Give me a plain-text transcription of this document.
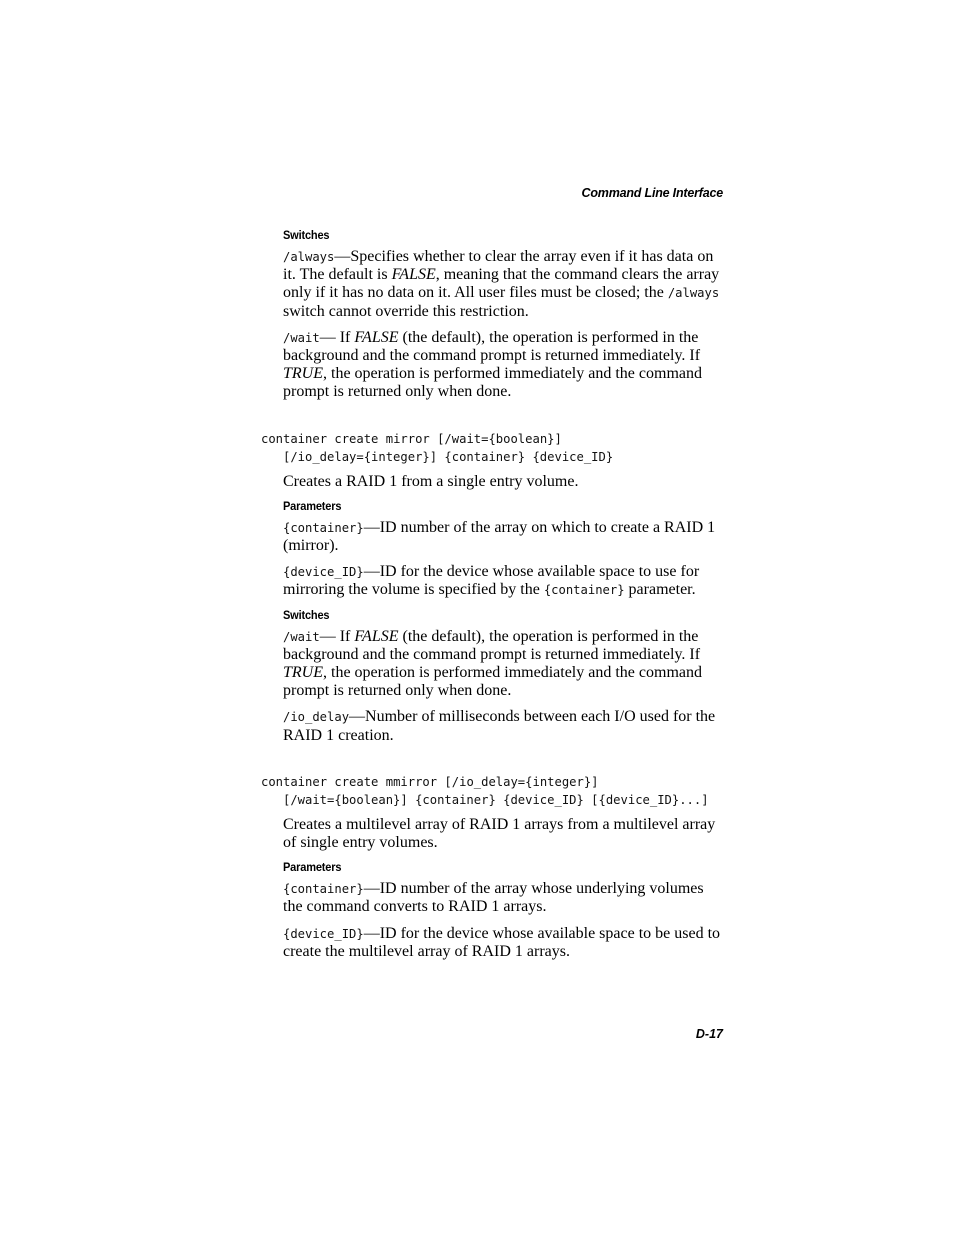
Command Line Interface
Switches

/always—Specifies whether to clear the array even if it has data on it. The default is FALSE, meaning that the command clears the array only if it has no data on it. All user files must be closed; the /always switch cannot override this restriction.

/wait— If FALSE (the default), the operation is performed in the background and the command prompt is returned immediately. If TRUE, the operation is performed immediately and the command prompt is returned only when done.

container create mirror [/wait={boolean}]
[/io_delay={integer}] {container} {device_ID}

Creates a RAID 1 from a single entry volume.

Parameters

{container}—ID number of the array on which to create a RAID 1 (mirror).

{device_ID}—ID for the device whose available space to use for mirroring the volume is specified by the {container} parameter.

Switches

/wait— If FALSE (the default), the operation is performed in the background and the command prompt is returned immediately. If TRUE, the operation is performed immediately and the command prompt is returned only when done.

/io_delay—Number of milliseconds between each I/O used for the RAID 1 creation.

container create mmirror [/io_delay={integer}]
[/wait={boolean}] {container} {device_ID} [{device_ID}...]

Creates a multilevel array of RAID 1 arrays from a multilevel array of single entry volumes.

Parameters

{container}—ID number of the array whose underlying volumes the command converts to RAID 1 arrays.

{device_ID}—ID for the device whose available space to be used to create the multilevel array of RAID 1 arrays.

D-17
